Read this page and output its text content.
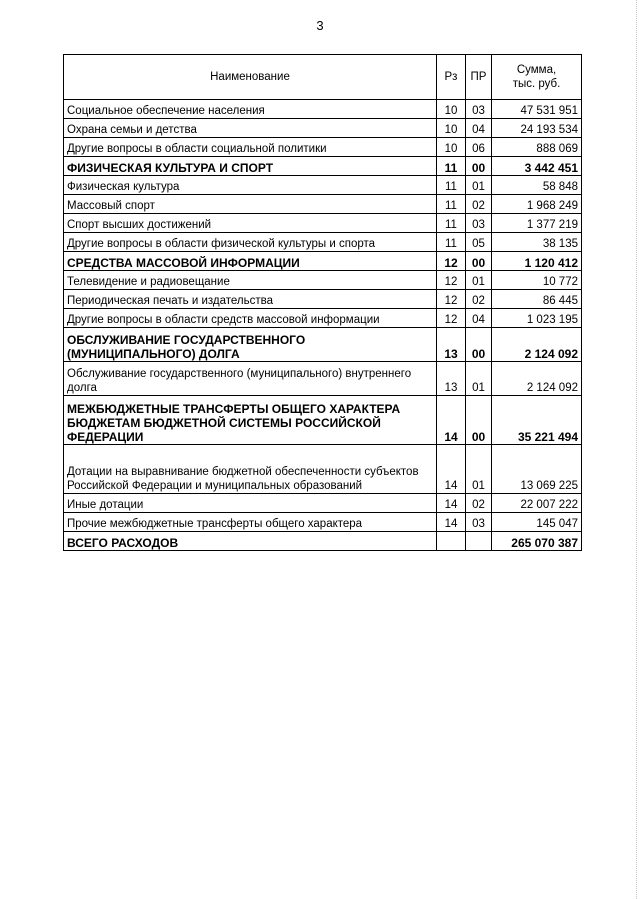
3
Наименование	Рз	ПР	Сумма,
тыс. руб.
Социальное обеспечение населения	10	03	47 531 951
Охрана семьи и детства	10	04	24 193 534
Другие вопросы в области социальной политики	10	06	888 069
ФИЗИЧЕСКАЯ КУЛЬТУРА И СПОРТ	11	00	3 442 451
Физическая культура	11	01	58 848
Массовый спорт	11	02	1 968 249
Спорт высших достижений	11	03	1 377 219
Другие вопросы в области физической культуры и спорта	11	05	38 135
СРЕДСТВА МАССОВОЙ ИНФОРМАЦИИ	12	00	1 120 412
Телевидение и радиовещание	12	01	10 772
Периодическая печать и издательства	12	02	86 445
Другие вопросы в области средств массовой информации	12	04	1 023 195
ОБСЛУЖИВАНИЕ ГОСУДАРСТВЕННОГО (МУНИЦИПАЛЬНОГО) ДОЛГА	13	00	2 124 092
Обслуживание государственного (муниципального) внутреннего долга	13	01	2 124 092
МЕЖБЮДЖЕТНЫЕ ТРАНСФЕРТЫ ОБЩЕГО ХАРАКТЕРА БЮДЖЕТАМ БЮДЖЕТНОЙ СИСТЕМЫ РОССИЙСКОЙ ФЕДЕРАЦИИ	14	00	35 221 494
Дотации на выравнивание бюджетной обеспеченности субъектов Российской Федерации и муниципальных образований	14	01	13 069 225
Иные дотации	14	02	22 007 222
Прочие межбюджетные трансферты общего характера	14	03	145 047
ВСЕГО РАСХОДОВ			265 070 387
